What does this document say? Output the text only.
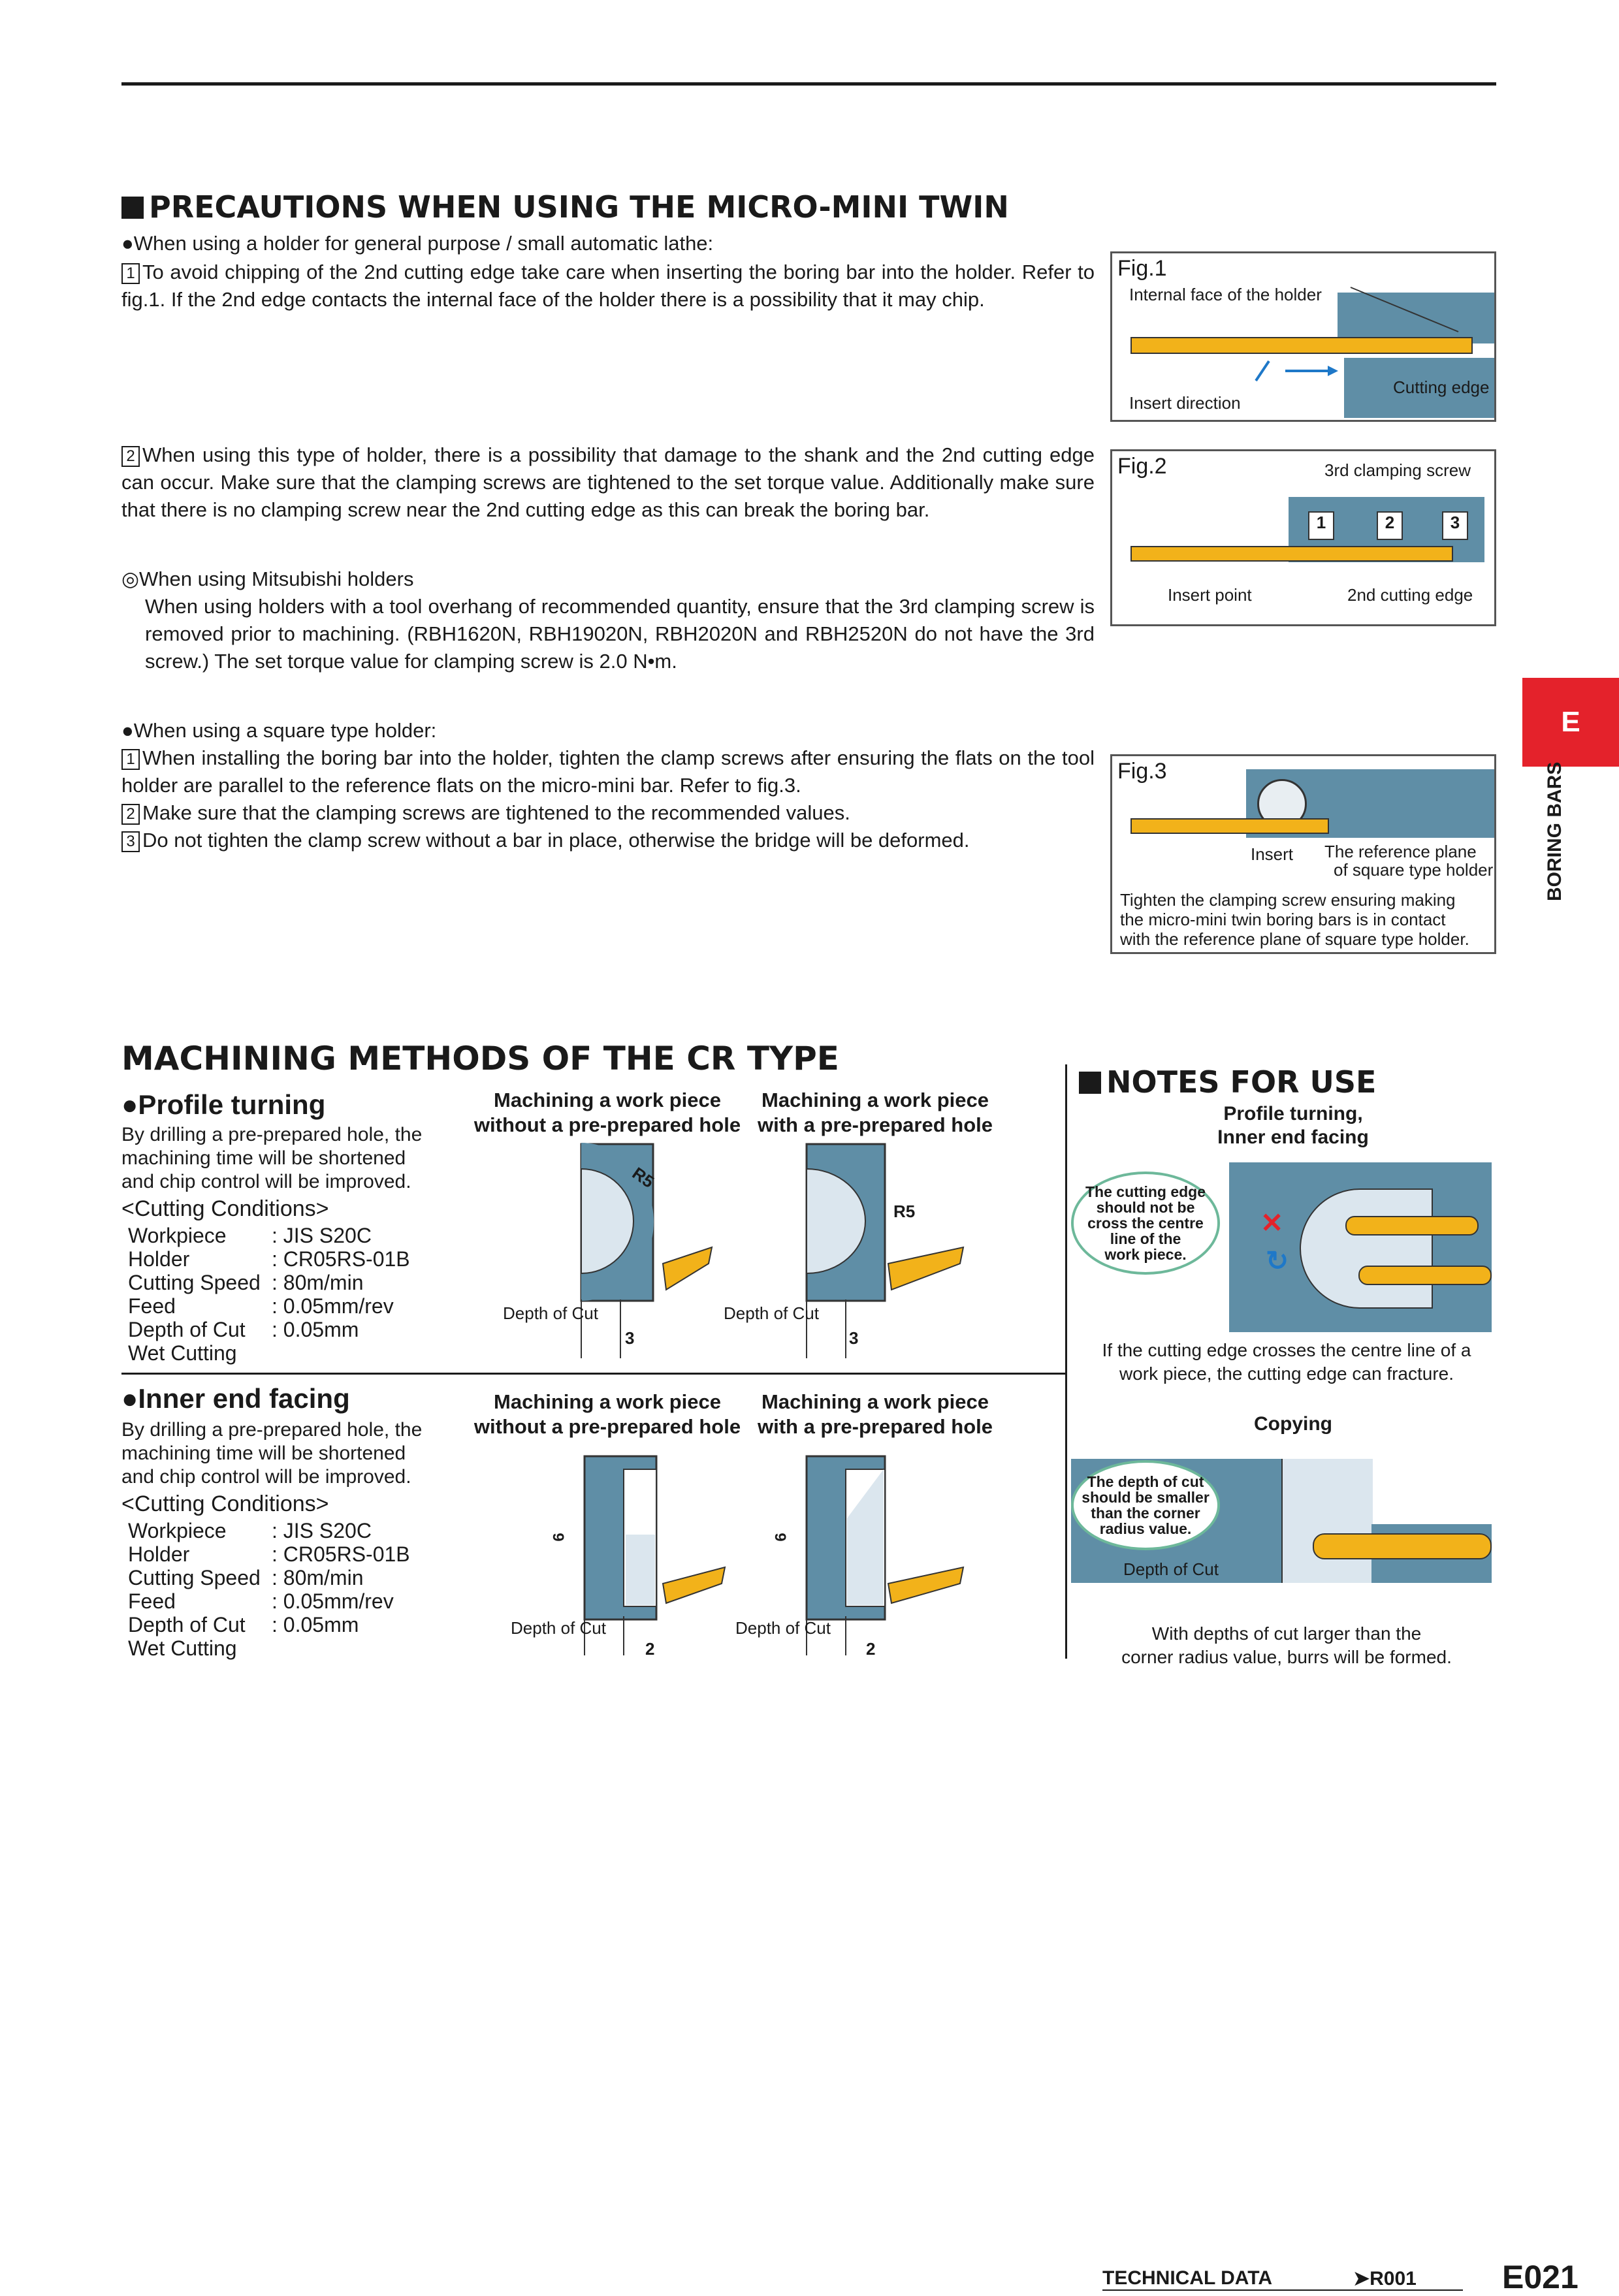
PRECAUTIONS WHEN USING THE MICRO-MINI TWIN
●When using a holder for general purpose / small automatic lathe:
1 To avoid chipping of the 2nd cutting edge take care when inserting the boring bar into the holder. Refer to fig.1. If the 2nd edge contacts the internal face of the holder there is a possibility that it may chip.
2 When using this type of holder, there is a possibility that damage to the shank and the 2nd cutting edge can occur. Make sure that the clamping screws are tightened to the set torque value. Additionally make sure that there is no clamping screw near the 2nd cutting edge as this can break the boring bar.
◎When using Mitsubishi holders
When using holders with a tool overhang of recommended quantity, ensure that the 3rd clamping screw is removed prior to machining. (RBH1620N, RBH19020N, RBH2020N and RBH2520N do not have the 3rd screw.) The set torque value for clamping screw is 2.0 N•m.
●When using a square type holder:
1 When installing the boring bar into the holder, tighten the clamp screws after ensuring the flats on the tool holder are parallel to the reference flats on the micro-mini bar. Refer to fig.3.
2 Make sure that the clamping screws are tightened to the recommended values.
3 Do not tighten the clamp screw without a bar in place, otherwise the bridge will be deformed.
Fig.1
Internal face of the holder
Cutting edge
Insert direction
Fig.2	3rd clamping screw
1	2	3
Insert point	2nd cutting edge
Fig.3
Insert The reference plane
of square type holder
Tighten the clamping screw ensuring making
the micro-mini twin boring bars is in contact
with the reference plane of square type holder.
E
BORING BARS
MACHINING METHODS OF THE CR TYPE
●Profile turning
By drilling a pre-prepared hole, the
machining time will be shortened
and chip control will be improved.
<Cutting Conditions>
Workpiece	: JIS S20C
Holder	: CR05RS-01B
Cutting Speed	: 80m/min
Feed	: 0.05mm/rev
Depth of Cut	: 0.05mm
Wet Cutting	
Machining a work piece
without a pre-prepared hole
Machining a work piece
with a pre-prepared hole
R5
Depth of Cut
3
R5
Depth of Cut
3
●Inner end facing
By drilling a pre-prepared hole, the
machining time will be shortened
and chip control will be improved.
<Cutting Conditions>
Workpiece	: JIS S20C
Holder	: CR05RS-01B
Cutting Speed	: 80m/min
Feed	: 0.05mm/rev
Depth of Cut	: 0.05mm
Wet Cutting	
Machining a work piece
without a pre-prepared hole
Machining a work piece
with a pre-prepared hole
6
Depth of Cut
2
6
Depth of Cut
2
NOTES FOR USE
Profile turning,
Inner end facing
✕
↻
The cutting edge
should not be
cross the centre
line of the
work piece.
If the cutting edge crosses the centre line of a
work piece, the cutting edge can fracture.
Copying
The depth of cut
should be smaller
than the corner
radius value.
Depth of Cut
With depths of cut larger than the
corner radius value, burrs will be formed.
TECHNICAL DATA	➤R001	E021
